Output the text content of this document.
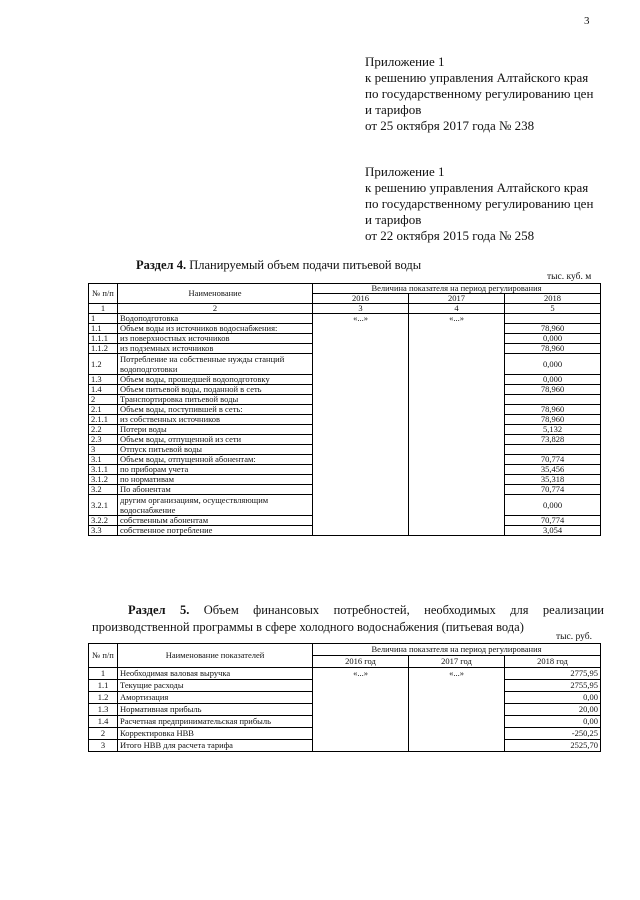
3
Приложение 1
к решению управления Алтайского края
по государственному регулированию цен
и тарифов
от 25 октября 2017 года № 238
Приложение 1
к решению управления Алтайского края
по государственному регулированию цен
и тарифов
от 22 октября 2015 года № 258
Раздел 4. Планируемый объем подачи питьевой воды
тыс. куб. м
№ п/п	Наименование	Величина показателя на период регулирования		
		2016	2017	2018
1	2	3	4	5
1	Водоподготовка	«...»	«...»	
1.1	Объем воды из источников водоснабжения:			78,960
1.1.1	из поверхностных источников			0,000
1.1.2	из подземных источников			78,960
1.2	Потребление на собственные нужды станций водоподготовки			0,000
1.3	Объем воды, прошедшей водоподготовку			0,000
1.4	Объем питьевой воды, поданной в сеть			78,960
2	Транспортировка питьевой воды			
2.1	Объем воды, поступившей в сеть:			78,960
2.1.1	из собственных источников			78,960
2.2	Потери воды			5,132
2.3	Объем воды, отпущенной из сети			73,828
3	Отпуск питьевой воды			
3.1	Объем воды, отпущенной абонентам:			70,774
3.1.1	по приборам учета			35,456
3.1.2	по нормативам			35,318
3.2	По абонентам			70,774
3.2.1	другим организациям, осуществляющим водоснабжение			0,000
3.2.2	собственным абонентам			70,774
3.3	собственное потребление			3,054
Раздел 5. Объем финансовых потребностей, необходимых для реализации производственной программы в сфере холодного водоснабжения (питьевая вода)
тыс. руб.
№ п/п	Наименование показателей	Величина показателя на период регулирования		
		2016 год	2017 год	2018 год
1	Необходимая валовая выручка	«...»	«...»	2775,95
1.1	Текущие расходы			2755,95
1.2	Амортизация			0,00
1.3	Нормативная прибыль			20,00
1.4	Расчетная предпринимательская прибыль			0,00
2	Корректировка НВВ			-250,25
3	Итого НВВ для расчета тарифа			2525,70
